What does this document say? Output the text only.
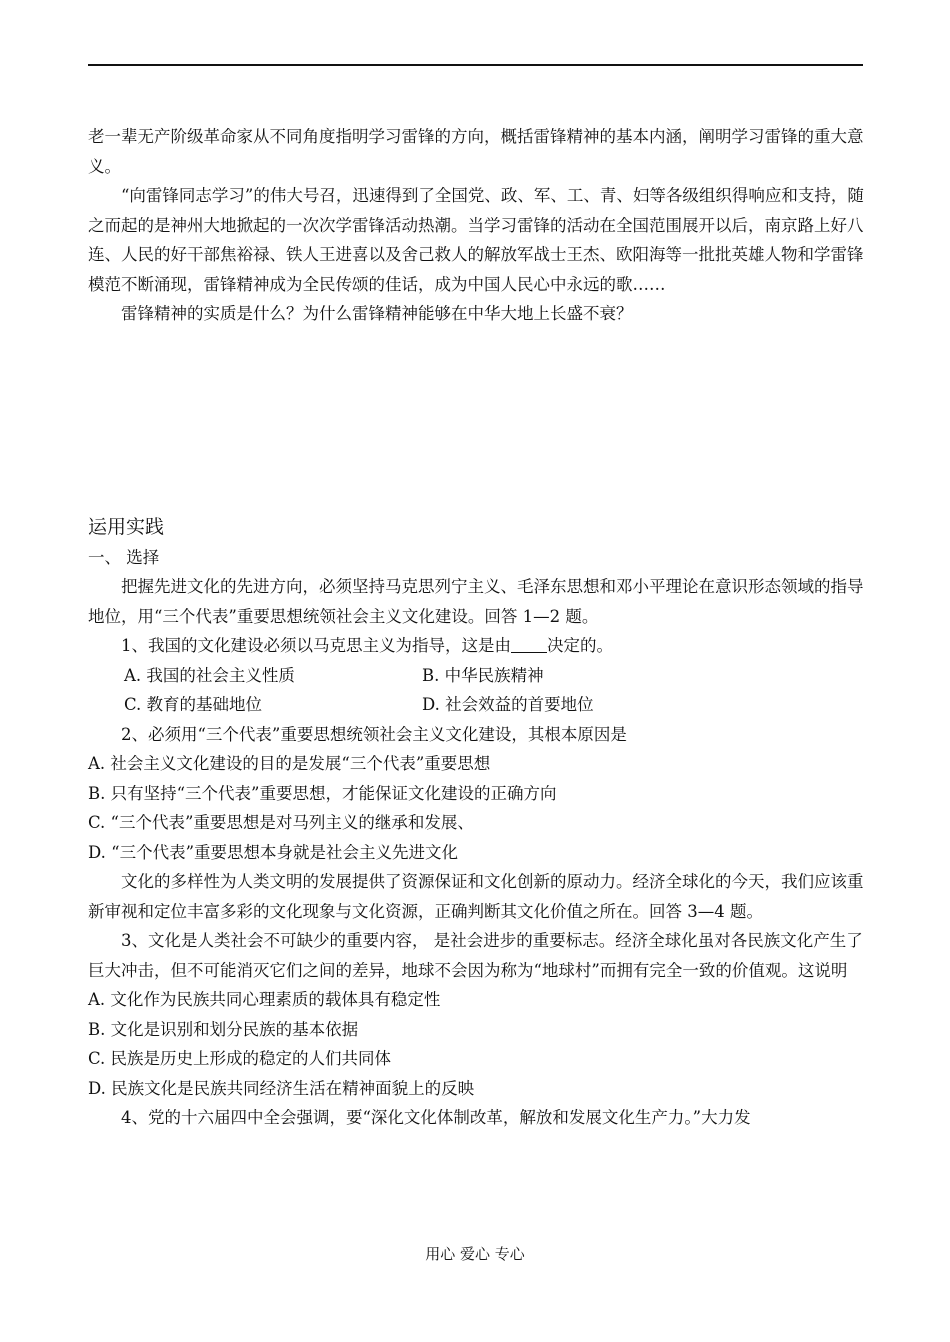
老一辈无产阶级革命家从不同角度指明学习雷锋的方向，概括雷锋精神的基本内涵，阐明学习雷锋的重大意义。

“向雷锋同志学习”的伟大号召，迅速得到了全国党、政、军、工、青、妇等各级组织得响应和支持，随之而起的是神州大地掀起的一次次学雷锋活动热潮。当学习雷锋的活动在全国范围展开以后，南京路上好八连、人民的好干部焦裕禄、铁人王进喜以及舍己救人的解放军战士王杰、欧阳海等一批批英雄人物和学雷锋模范不断涌现，雷锋精神成为全民传颂的佳话，成为中国人民心中永远的歌……

雷锋精神的实质是什么？为什么雷锋精神能够在中华大地上长盛不衰？

运用实践

一、 选择

把握先进文化的先进方向，必须坚持马克思列宁主义、毛泽东思想和邓小平理论在意识形态领域的指导地位，用“三个代表”重要思想统领社会主义文化建设。回答 1—2 题。

1、我国的文化建设必须以马克思主义为指导，这是由 决定的。

A. 我国的社会主义性质	B. 中华民族精神
C. 教育的基础地位	D. 社会效益的首要地位

2、必须用“三个代表”重要思想统领社会主义文化建设，其根本原因是

A. 社会主义文化建设的目的是发展“三个代表”重要思想

B. 只有坚持“三个代表”重要思想，才能保证文化建设的正确方向

C. “三个代表”重要思想是对马列主义的继承和发展、

D. “三个代表”重要思想本身就是社会主义先进文化

文化的多样性为人类文明的发展提供了资源保证和文化创新的原动力。经济全球化的今天，我们应该重新审视和定位丰富多彩的文化现象与文化资源，正确判断其文化价值之所在。回答 3—4 题。

3、文化是人类社会不可缺少的重要内容， 是社会进步的重要标志。经济全球化虽对各民族文化产生了巨大冲击，但不可能消灭它们之间的差异，地球不会因为称为“地球村”而拥有完全一致的价值观。这说明

A. 文化作为民族共同心理素质的载体具有稳定性

B. 文化是识别和划分民族的基本依据

C. 民族是历史上形成的稳定的人们共同体

D. 民族文化是民族共同经济生活在精神面貌上的反映

4、党的十六届四中全会强调，要“深化文化体制改革，解放和发展文化生产力。”大力发

用心 爱心 专心
